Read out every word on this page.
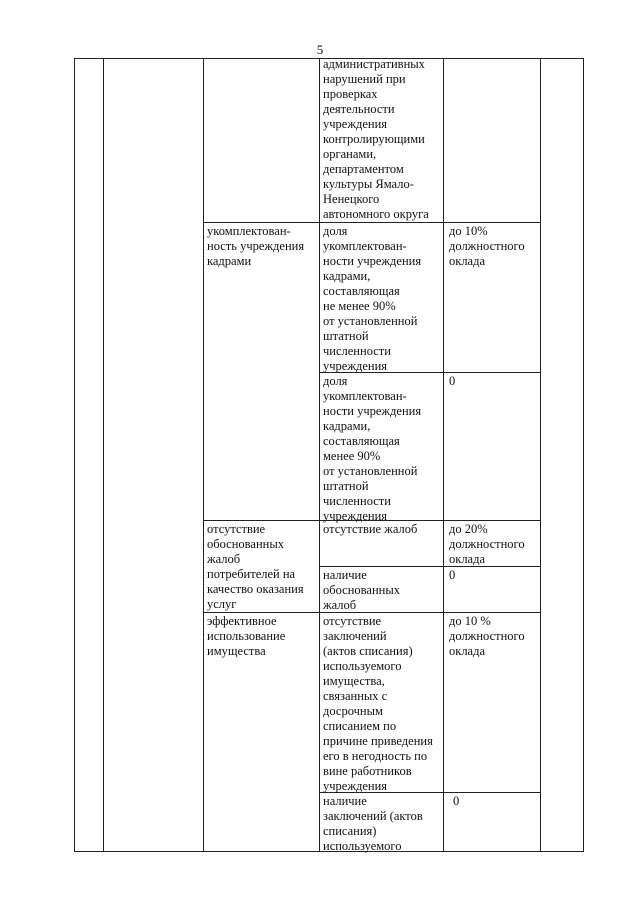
5
административных
нарушений при
проверках
деятельности
учреждения
контролирующими
органами,
департаментом
культуры Ямало-
Ненецкого
автономного округа
укомплектован-
ность учреждения
кадрами
доля
укомплектован-
ности учреждения
кадрами,
составляющая
не менее 90%
от установленной
штатной
численности
учреждения
до 10%
должностного
оклада
доля
укомплектован-
ности учреждения
кадрами,
составляющая
менее 90%
от установленной
штатной
численности
учреждения
0
отсутствие
обоснованных
жалоб
потребителей на
качество оказания
услуг
отсутствие жалоб	до 20%
должностного
оклада
наличие
обоснованных
жалоб
0
эффективное
использование
имущества
отсутствие
заключений
(актов списания)
используемого
имущества,
связанных с
досрочным
списанием по
причине приведения
его в негодность по
вине работников
учреждения
до 10 %
должностного
оклада
наличие
заключений (актов
списания)
используемого
0
